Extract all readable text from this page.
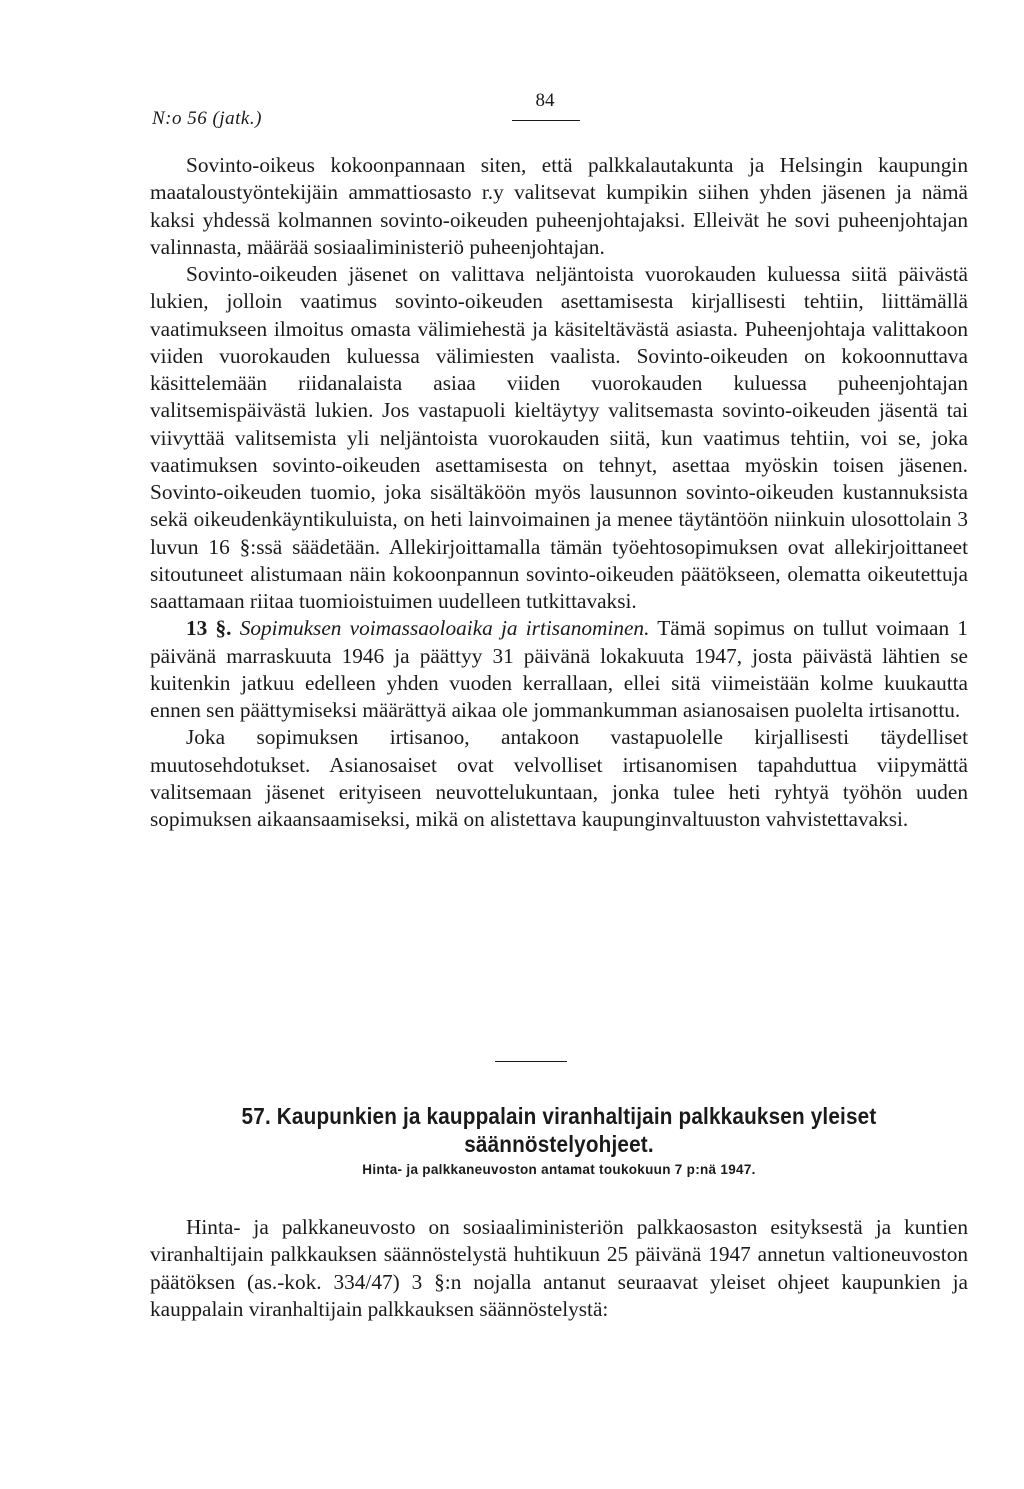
N:o 56 (jatk.)
84

Sovinto-oikeus kokoonpannaan siten, että palkkalautakunta ja Helsingin kaupungin maataloustyöntekijäin ammattiosasto r.y valitsevat kumpikin siihen yhden jäsenen ja nämä kaksi yhdessä kolmannen sovinto-oikeuden puheenjohtajaksi. Elleivät he sovi puheenjohtajan valinnasta, määrää sosiaaliministeriö puheenjohtajan.

Sovinto-oikeuden jäsenet on valittava neljäntoista vuorokauden kuluessa siitä päivästä lukien, jolloin vaatimus sovinto-oikeuden asettamisesta kirjallisesti tehtiin, liittämällä vaatimukseen ilmoitus omasta välimiehestä ja käsiteltävästä asiasta. Puheenjohtaja valittakoon viiden vuorokauden kuluessa välimiesten vaalista. Sovinto-oikeuden on kokoonnuttava käsittelemään riidanalaista asiaa viiden vuorokauden kuluessa puheenjohtajan valitsemispäivästä lukien. Jos vastapuoli kieltäytyy valitsemasta sovinto-oikeuden jäsentä tai viivyttää valitsemista yli neljäntoista vuorokauden siitä, kun vaatimus tehtiin, voi se, joka vaatimuksen sovinto-oikeuden asettamisesta on tehnyt, asettaa myöskin toisen jäsenen. Sovinto-oikeuden tuomio, joka sisältäköön myös lausunnon sovinto-oikeuden kustannuksista sekä oikeudenkäyntikuluista, on heti lainvoimainen ja menee täytäntöön niinkuin ulosottolain 3 luvun 16 §:ssä säädetään. Allekirjoittamalla tämän työehtosopimuksen ovat allekirjoittaneet sitoutuneet alistumaan näin kokoonpannun sovinto-oikeuden päätökseen, olematta oikeutettuja saattamaan riitaa tuomioistuimen uudelleen tutkittavaksi.

13 §. Sopimuksen voimassaoloaika ja irtisanominen. Tämä sopimus on tullut voimaan 1 päivänä marraskuuta 1946 ja päättyy 31 päivänä lokakuuta 1947, josta päivästä lähtien se kuitenkin jatkuu edelleen yhden vuoden kerrallaan, ellei sitä viimeistään kolme kuukautta ennen sen päättymiseksi määrättyä aikaa ole jommankumman asianosaisen puolelta irtisanottu.

Joka sopimuksen irtisanoo, antakoon vastapuolelle kirjallisesti täydelliset muutosehdotukset. Asianosaiset ovat velvolliset irtisanomisen tapahduttua viipymättä valitsemaan jäsenet erityiseen neuvottelukuntaan, jonka tulee heti ryhtyä työhön uuden sopimuksen aikaansaamiseksi, mikä on alistettava kaupunginvaltuuston vahvistettavaksi.

57. Kaupunkien ja kauppalain viranhaltijain palkkauksen yleiset säännöstelyohjeet.
Hinta- ja palkkaneuvoston antamat toukokuun 7 p:nä 1947.

Hinta- ja palkkaneuvosto on sosiaaliministeriön palkkaosaston esityksestä ja kuntien viranhaltijain palkkauksen säännöstelystä huhtikuun 25 päivänä 1947 annetun valtioneuvoston päätöksen (as.-kok. 334/47) 3 §:n nojalla antanut seuraavat yleiset ohjeet kaupunkien ja kauppalain viranhaltijain palkkauksen säännöstelystä:
